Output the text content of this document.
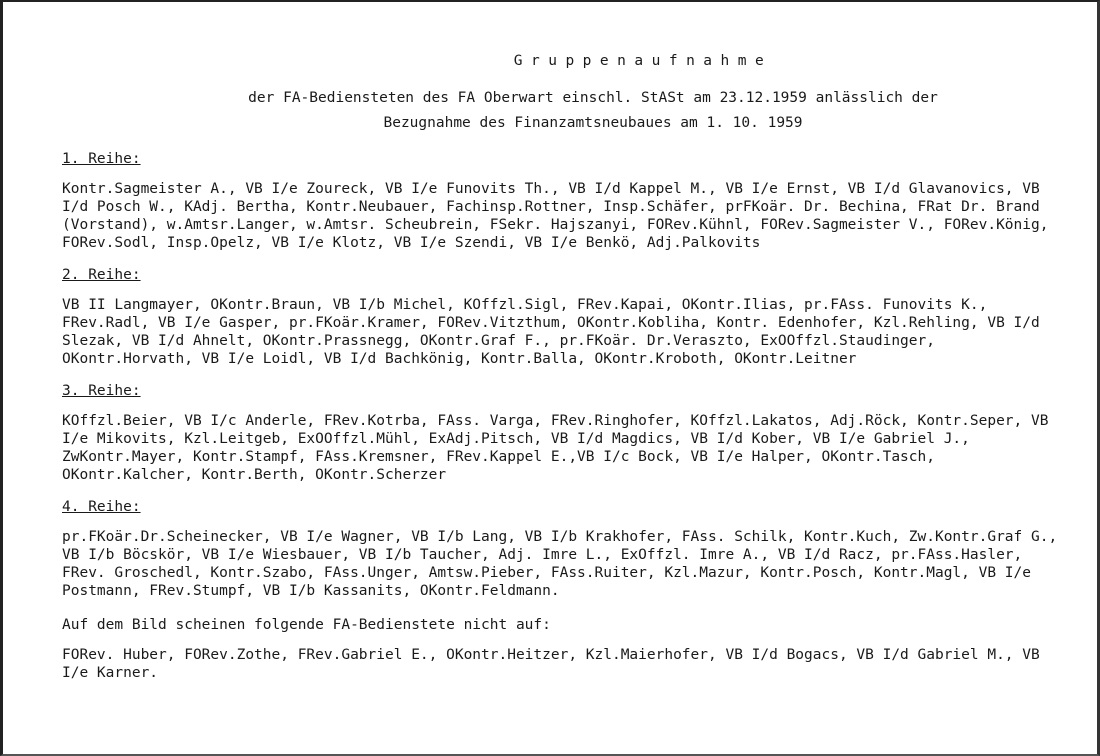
Gruppenaufnahme
der FA-Bediensteten des FA Oberwart einschl. StASt am 23.12.1959 anlässlich der
Bezugnahme des Finanzamtsneubaues am 1. 10. 1959
1. Reihe:
Kontr.Sagmeister A., VB I/e Zoureck, VB I/e Funovits Th., VB I/d Kappel M., VB I/e Ernst, VB I/d Glavanovics, VB I/d Posch W., KAdj. Bertha, Kontr.Neubauer, Fachinsp.Rottner, Insp.Schäfer, prFKoär. Dr. Bechina, FRat Dr. Brand (Vorstand), w.Amtsr.Langer, w.Amtsr. Scheubrein, FSekr. Hajszanyi, FORev.Kühnl, FORev.Sagmeister V., FORev.König, FORev.Sodl, Insp.Opelz, VB I/e Klotz, VB I/e Szendi, VB I/e Benkö, Adj.Palkovits
2. Reihe:
VB II Langmayer, OKontr.Braun, VB I/b Michel, KOffzl.Sigl, FRev.Kapai, OKontr.Ilias, pr.FAss. Funovits K., FRev.Radl, VB I/e Gasper, pr.FKoär.Kramer, FORev.Vitzthum, OKontr.Kobliha, Kontr. Edenhofer, Kzl.Rehling, VB I/d Slezak, VB I/d Ahnelt, OKontr.Prassnegg, OKontr.Graf F., pr.FKoär. Dr.Veraszto, ExOOffzl.Staudinger, OKontr.Horvath, VB I/e Loidl, VB I/d Bachkönig, Kontr.Balla, OKontr.Kroboth, OKontr.Leitner
3. Reihe:
KOffzl.Beier, VB I/c Anderle, FRev.Kotrba, FAss. Varga, FRev.Ringhofer, KOffzl.Lakatos, Adj.Röck, Kontr.Seper, VB I/e Mikovits, Kzl.Leitgeb, ExOOffzl.Mühl, ExAdj.Pitsch, VB I/d Magdics, VB I/d Kober, VB I/e Gabriel J., ZwKontr.Mayer, Kontr.Stampf, FAss.Kremsner, FRev.Kappel E.,VB I/c Bock, VB I/e Halper, OKontr.Tasch, OKontr.Kalcher, Kontr.Berth, OKontr.Scherzer
4. Reihe:
pr.FKoär.Dr.Scheinecker, VB I/e Wagner, VB I/b Lang, VB I/b Krakhofer, FAss. Schilk, Kontr.Kuch, Zw.Kontr.Graf G., VB I/b Böcskör, VB I/e Wiesbauer, VB I/b Taucher, Adj. Imre L., ExOffzl. Imre A., VB I/d Racz, pr.FAss.Hasler, FRev. Groschedl, Kontr.Szabo, FAss.Unger, Amtsw.Pieber, FAss.Ruiter, Kzl.Mazur, Kontr.Posch, Kontr.Magl, VB I/e Postmann, FRev.Stumpf, VB I/b Kassanits, OKontr.Feldmann.
Auf dem Bild scheinen folgende FA-Bedienstete nicht auf:
FORev. Huber, FORev.Zothe, FRev.Gabriel E., OKontr.Heitzer, Kzl.Maierhofer, VB I/d Bogacs, VB I/d Gabriel M., VB I/e Karner.
